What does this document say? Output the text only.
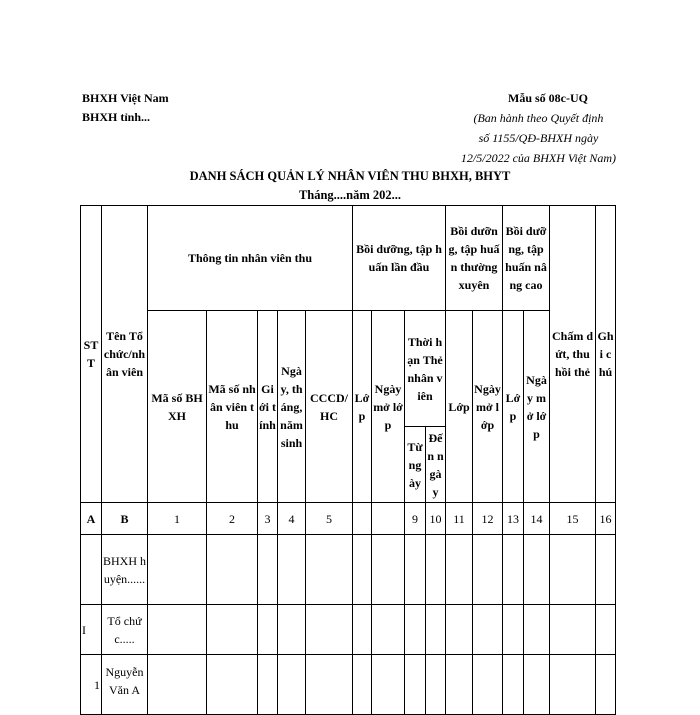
BHXH Việt Nam
BHXH tỉnh...
Mẫu số 08c-UQ
(Ban hành theo Quyết định
số 1155/QĐ-BHXH ngày
12/5/2022 của BHXH Việt Nam)
DANH SÁCH QUẢN LÝ NHÂN VIÊN THU BHXH, BHYT
Tháng....năm 202...
STT	Tên Tổ chức/nhân viên	Thông tin nhân viên thu					Bồi dưỡng, tập huấn lần đầu				Bồi dưỡng, tập huấn thường xuyên		Bồi dưỡng, tập huấn nâng cao		Chấm dứt, thu hồi thẻ	Ghi chú
		Mã số BHXH	Mã số nhân viên thu	Giới tính	Ngày, tháng, năm sinh	CCCD/HC	Lớp	Ngày mở lớp	Thời hạn Thẻ nhân viên		Lớp	Ngày mở lớp	Lớp	Ngày mở lớp		
									Từ ngày	Đến ngày						
A	B	1	2	3	4	5			9	10	11	12	13	14	15	16
	BHXH huyện......															
I	Tổ chức.....															
1	Nguyễn Văn A															
